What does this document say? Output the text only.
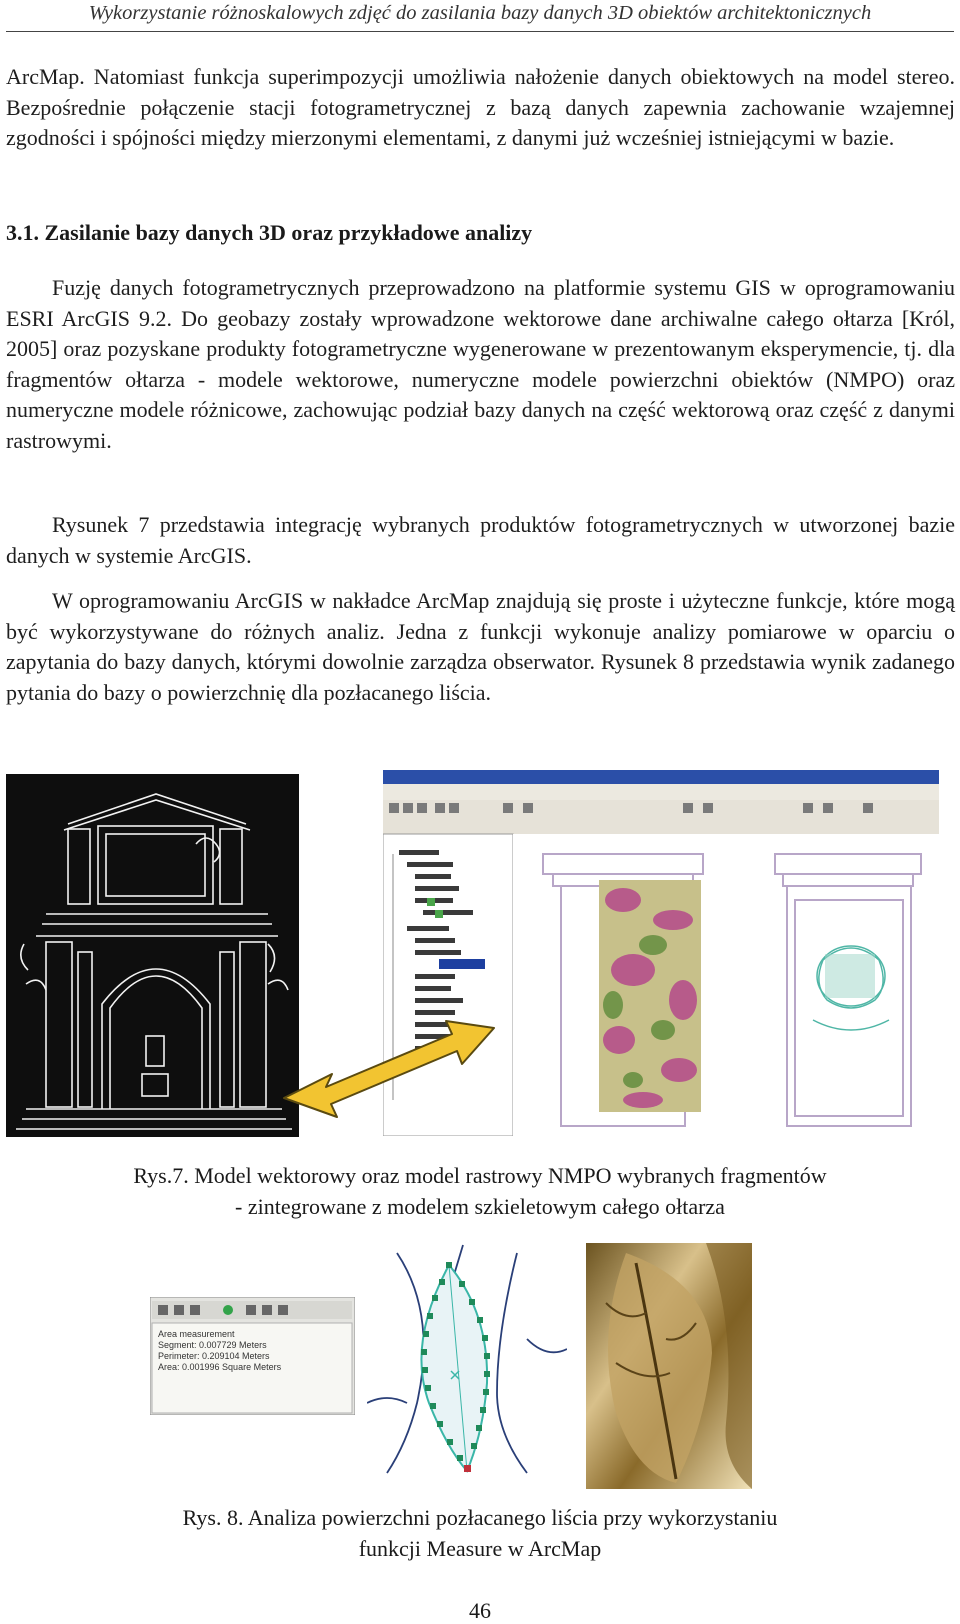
Wykorzystanie różnoskalowych zdjęć do zasilania bazy danych 3D obiektów architektonicznych
ArcMap. Natomiast funkcja superimpozycji umożliwia nałożenie danych obiektowych na model stereo. Bezpośrednie połączenie stacji fotogrametrycznej z bazą danych zapewnia zachowanie wzajemnej zgodności i spójności między mierzonymi elementami, z danymi już wcześniej istniejącymi w bazie.
3.1. Zasilanie bazy danych 3D oraz przykładowe analizy
Fuzję danych fotogrametrycznych przeprowadzono na platformie systemu GIS w oprogramowaniu ESRI ArcGIS 9.2. Do geobazy zostały wprowadzone wektorowe dane archiwalne całego ołtarza [Król, 2005] oraz pozyskane produkty fotogrametryczne wygenerowane w prezentowanym eksperymencie, tj. dla fragmentów ołtarza - modele wektorowe, numeryczne modele powierzchni obiektów (NMPO) oraz numeryczne modele różnicowe, zachowując podział bazy danych na część wektorową oraz część z danymi rastrowymi.
Rysunek 7 przedstawia integrację wybranych produktów fotogrametrycznych w utworzonej bazie danych w systemie ArcGIS.
W oprogramowaniu ArcGIS w nakładce ArcMap znajdują się proste i użyteczne funkcje, które mogą być wykorzystywane do różnych analiz. Jedna z funkcji wykonuje analizy pomiarowe w oparciu o zapytania do bazy danych, którymi dowolnie zarządza obserwator. Rysunek 8 przedstawia wynik zadanego pytania do bazy o powierzchnię dla pozłacanego liścia.
Rys.7. Model wektorowy oraz model rastrowy NMPO wybranych fragmentów
- zintegrowane z modelem szkieletowym całego ołtarza
Area measurement
Segment: 0.007729 Meters
Perimeter: 0.209104 Meters
Area: 0.001996 Square Meters
Rys. 8. Analiza powierzchni pozłacanego liścia przy wykorzystaniu
funkcji Measure w ArcMap
46
